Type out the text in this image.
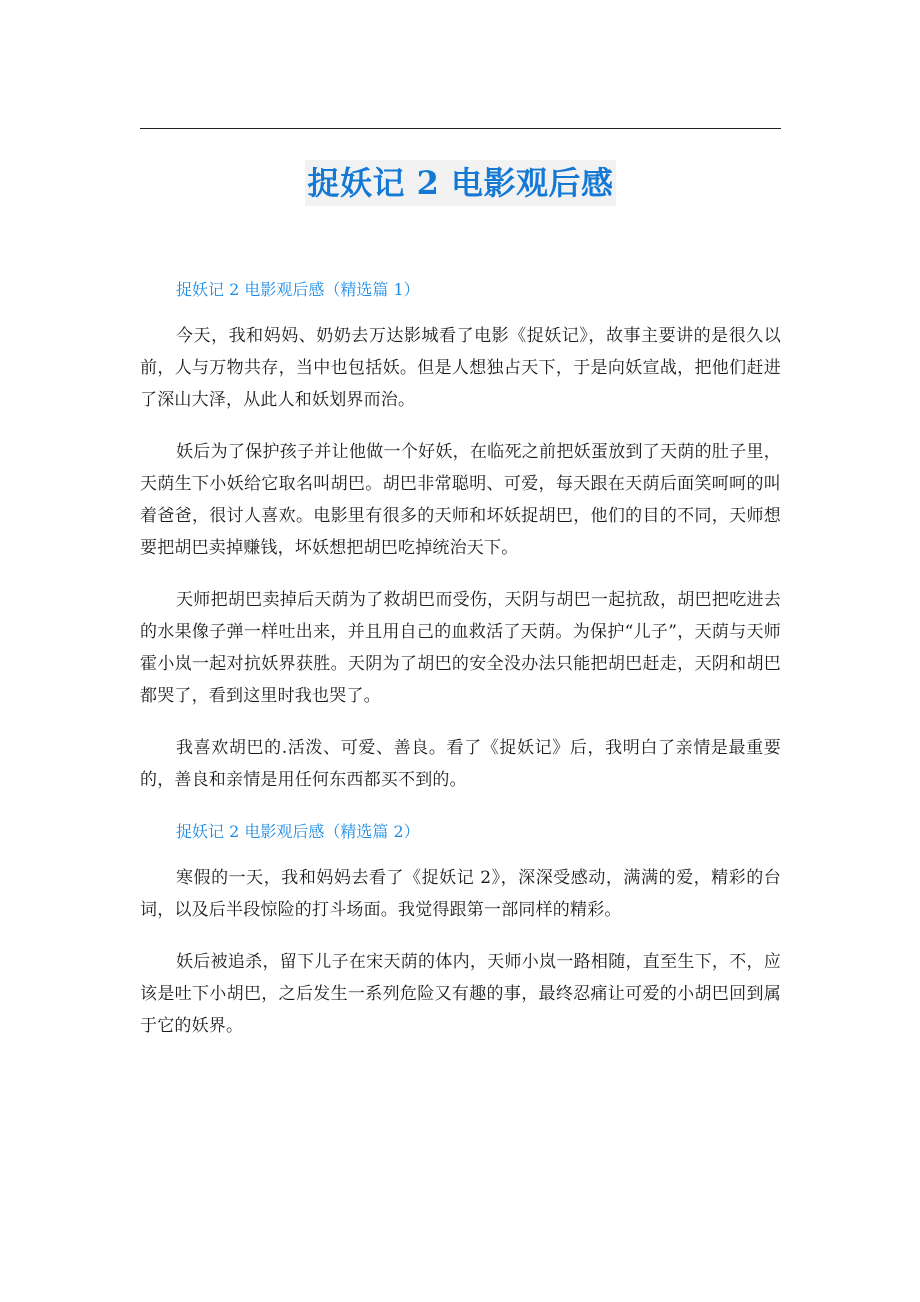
捉妖记 2 电影观后感
捉妖记 2 电影观后感（精选篇 1）

今天，我和妈妈、奶奶去万达影城看了电影《捉妖记》，故事主要讲的是很久以前，人与万物共存，当中也包括妖。但是人想独占天下，于是向妖宣战，把他们赶进了深山大泽，从此人和妖划界而治。

妖后为了保护孩子并让他做一个好妖，在临死之前把妖蛋放到了天荫的肚子里， 天荫生下小妖给它取名叫胡巴。胡巴非常聪明、可爱，每天跟在天荫后面笑呵呵的叫着爸爸，很讨人喜欢。电影里有很多的天师和坏妖捉胡巴，他们的目的不同，天师想要把胡巴卖掉赚钱，坏妖想把胡巴吃掉统治天下。

天师把胡巴卖掉后天荫为了救胡巴而受伤，天阴与胡巴一起抗敌，胡巴把吃进去的水果像子弹一样吐出来，并且用自己的血救活了天荫。为保护“儿子”，天荫与天师霍小岚一起对抗妖界获胜。天阴为了胡巴的安全没办法只能把胡巴赶走，天阴和胡巴都哭了，看到这里时我也哭了。

我喜欢胡巴的.活泼、可爱、善良。看了《捉妖记》后，我明白了亲情是最重要的，善良和亲情是用任何东西都买不到的。

捉妖记 2 电影观后感（精选篇 2）

寒假的一天，我和妈妈去看了《捉妖记 2》，深深受感动，满满的爱，精彩的台词，以及后半段惊险的打斗场面。我觉得跟第一部同样的精彩。

妖后被追杀，留下儿子在宋天荫的体内，天师小岚一路相随，直至生下，不，应该是吐下小胡巴，之后发生一系列危险又有趣的事，最终忍痛让可爱的小胡巴回到属于它的妖界。
